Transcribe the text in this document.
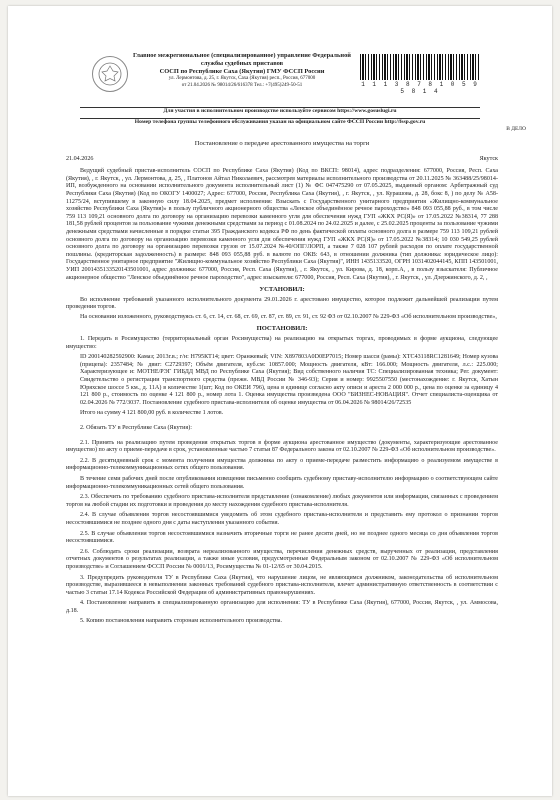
Главное межрегиональное (специализированное) управление Федеральной
службы судебных приставов
СОСП по Республике Саха (Якутия) ГМУ ФССП России
ул. Лермонтова, д. 25, г. Якутск, Саха (Якутия) респ., Россия, 677000
от 21.04.2026 № 98014/26/616378 Тел.: +7(495)249-50-51	1 1 1 3 8 7 8 1 0 5 9 5 8 1 4
Для участия в исполнительном производстве используйте сервисом https://www.gosuslugi.ru
Номер телефона группы телефонного обслуживания указан на официальном сайте ФССП России http://fssp.gov.ru
В ДЕЛО
Постановление о передаче арестованного имущества на торги
21.04.2026	Якутск

Ведущий судебный пристав-исполнитель СОСП по Республике Саха (Якутия) (Код по ВКСП: 98014), адрес подразделения: 677000, Россия, Респ. Саха (Якутия), , г. Якутск, , ул. Лермонтова, д. 25, , Платонов Айтал Николаевич, рассмотрев материалы исполнительного производства от 20.11.2025 № 363488/25/98014-ИП, возбужденного на основании исполнительного документа исполнительный лист (1) № ФС 047475290 от 07.05.2025, выданный органом: Арбитражный суд Республики Саха (Якутия) (Код по ОКОГУ 1400027; Адрес: 677000, Россия, Республика Саха (Якутия), , г. Якутск, , ул. Курашова, д. 28, бокс 8, ) по делу № А58-11275/24, вступившему в законную силу 18.04.2025, предмет исполнения: Взыскать с Государственного унитарного предприятия «Жилищно-коммунальное хозяйство Республики Саха (Якутия)» в пользу публичного акционерного общества «Ленское объединённое речное пароходство» 848 093 055,88 руб., в том числе 759 113 109,21 основного долга по договору на организацию перевозки каменного угля для обеспечения нужд ГУП «ЖКХ РС(Я)» от 17.05.2022 №38314, 77 288 181,58 рублей процентов за пользование чужими денежными средствами за период с 01.08.2024 по 24.02.2025 и далее, с 25.02.2025 проценты за пользование чужими денежными средствами начисленные в порядке статьи 395 Гражданского кодекса РФ по день фактической оплаты основного долга в размере 759 113 109,21 рублей основного долга по договору на организацию перевозки каменного угля для обеспечения нужд ГУП «ЖКХ РС(Я)» от 17.05.2022 №38314; 10 030 549,25 рублей основного долга по договору на организацию перевозки грузов от 15.07.2024 №40/ОПГ/ЛОРП, а также 7 028 107 рублей расходов по оплате государственной пошлины. (кредиторская задолженность) в размере: 848 093 055,88 руб. в валюте по ОКВ: 643, в отношении должника (тип должника: юридическое лицо): Государственное унитарное предприятие "Жилищно-коммунальное хозяйство Республики Саха (Якутия)", ИНН 1435133520, ОГРН 1031402044145, КПП 143501001, УИП 2001435133520143501001, адрес должника: 677000, Россия, Респ. Саха (Якутия), , г. Якутск, , ул. Кирова, д. 18, корп.А, , в пользу взыскателя: Публичное акционерное общество "Ленское объединённое речное пароходство", адрес взыскателя: 677000, Россия, Респ. Саха (Якутия), , г. Якутск, , ул. Дзержинского, д. 2, ,

УСТАНОВИЛ:

Во исполнение требований указанного исполнительного документа 29.01.2026 г. арестовано имущество, которое подлежит дальнейшей реализации путем проведения торгов.

На основании изложенного, руководствуясь ст. 6, ст. 14, ст. 68, ст. 69, ст. 87, ст. 89, ст. 91, ст. 92 ФЗ от 02.10.2007 № 229-ФЗ «Об исполнительном производстве»,

ПОСТАНОВИЛ:
1. Передать в Росимущество (территориальный орган Росимущества) на реализацию на открытых торгах, проводимых в форме аукциона, следующее имущество:
ID 200140282592900: Камаз; 2013г.в.; г/н: Н795КТ14; цвет: Оранжевый; VIN: Х897803А0D0EP7015; Номер шасси (рамы): ХТС43118RC1281649; Номер кузова (прицепа): 2357484; № двиг: С2729397; Объём двигателя, куб.см: 10857.000; Мощность двигателя, кВт: 166.000; Мощность двигателя, л.с.: 225.000; Характеризующее и: МОТНЕ/РЭГ ГИБДД МВД по Республике Саха (Якутия); Вид собственного наличия ТС: Специализированная техника; Рег. документ: Свидетельство о регистрации транспортного средства (прежн. МВД России № 346-93); Серия и номер: 9925507550 (местонахождение: г. Якутск, Хатын Юряхское шоссе 5 км., д. 11А) в количестве 1(шт; Код по ОКЕИ 796), цена в единице согласно акту описи и ареста 2 000 000 р., цена по оценке за единицу 4 121 800 р., стоимость по оценке 4 121 800 р., номер лота 1. Оценка имущества произведена ООО "БИЗНЕС-НОВАЦИЯ". Отчет специалиста-оценщика от 02.04.2026 № 772/3037. Постановление судебного пристава-исполнителя об оценке имущества от 06.04.2026 № 98014/26/72535
Итого на сумму 4 121 800,00 руб. в количестве 1 лотов.
2. Обязать ТУ в Республике Саха (Якутия):
2.1. Принять на реализацию путем проведения открытых торгов в форме аукциона арестованное имущество (документы, характеризующие арестованное имущество) по акту о приеме-передаче в срок, установленные частью 7 статьи 87 Федерального закона от 02.10.2007 № 229-ФЗ «Об исполнительном производстве».
2.2. В десятидневный срок с момента получения имущества должника по акту о приеме-передаче разместить информацию о реализуемом имуществе в информационно-телекоммуникационных сетях общего пользования.
В течение семи рабочих дней после опубликования извещения письменно сообщить судебному приставу-исполнителю информацию о соответствующем сайте информационно-телекоммуникационных сетей общего пользования.
2.3. Обеспечить по требованию судебного пристава-исполнителя представление (ознакомление) любых документов или информации, связанных с проведением торгов на любой стадии их подготовки и проведения до месту нахождения судебного пристава-исполнителя.
2.4. В случае объявления торгов несостоявшимися уведомить об этом судебного пристава-исполнителя и представить ему протокол о признании торгов несостоявшимися не позднее одного дня с даты наступления указанного события.
2.5. В случае объявления торгов несостоявшимися назначить вторичные торги не ранее десяти дней, но не позднее одного месяца со дня объявления торгов несостоявшимися.
2.6. Соблюдать сроки реализации, возврата нереализованного имущества, перечисления денежных средств, вырученных от реализации, представления отчетных документов о результатах реализации, а также иные условия, предусмотренные Федеральным законом от 02.10.2007 № 229-ФЗ «Об исполнительном производстве» и Соглашением ФССП России № 0001/13, Росимущества № 01-12/65 от 30.04.2015.
3. Предупредить руководителя ТУ в Республике Саха (Якутия), что нарушение лицом, не являющимся должником, законодательства об исполнительном производстве, выразившееся в невыполнении законных требований судебного пристава-исполнителя, влечет административную ответственность в соответствии с частью 3 статьи 17.14 Кодекса Российской Федерации об административных правонарушениях.
4. Постановление направить в специализированную организацию для исполнения: ТУ в Республике Саха (Якутия), 677000, Россия, Якутск, , ул. Аммосова, д.18.
5. Копию постановления направить сторонам исполнительного производства.
